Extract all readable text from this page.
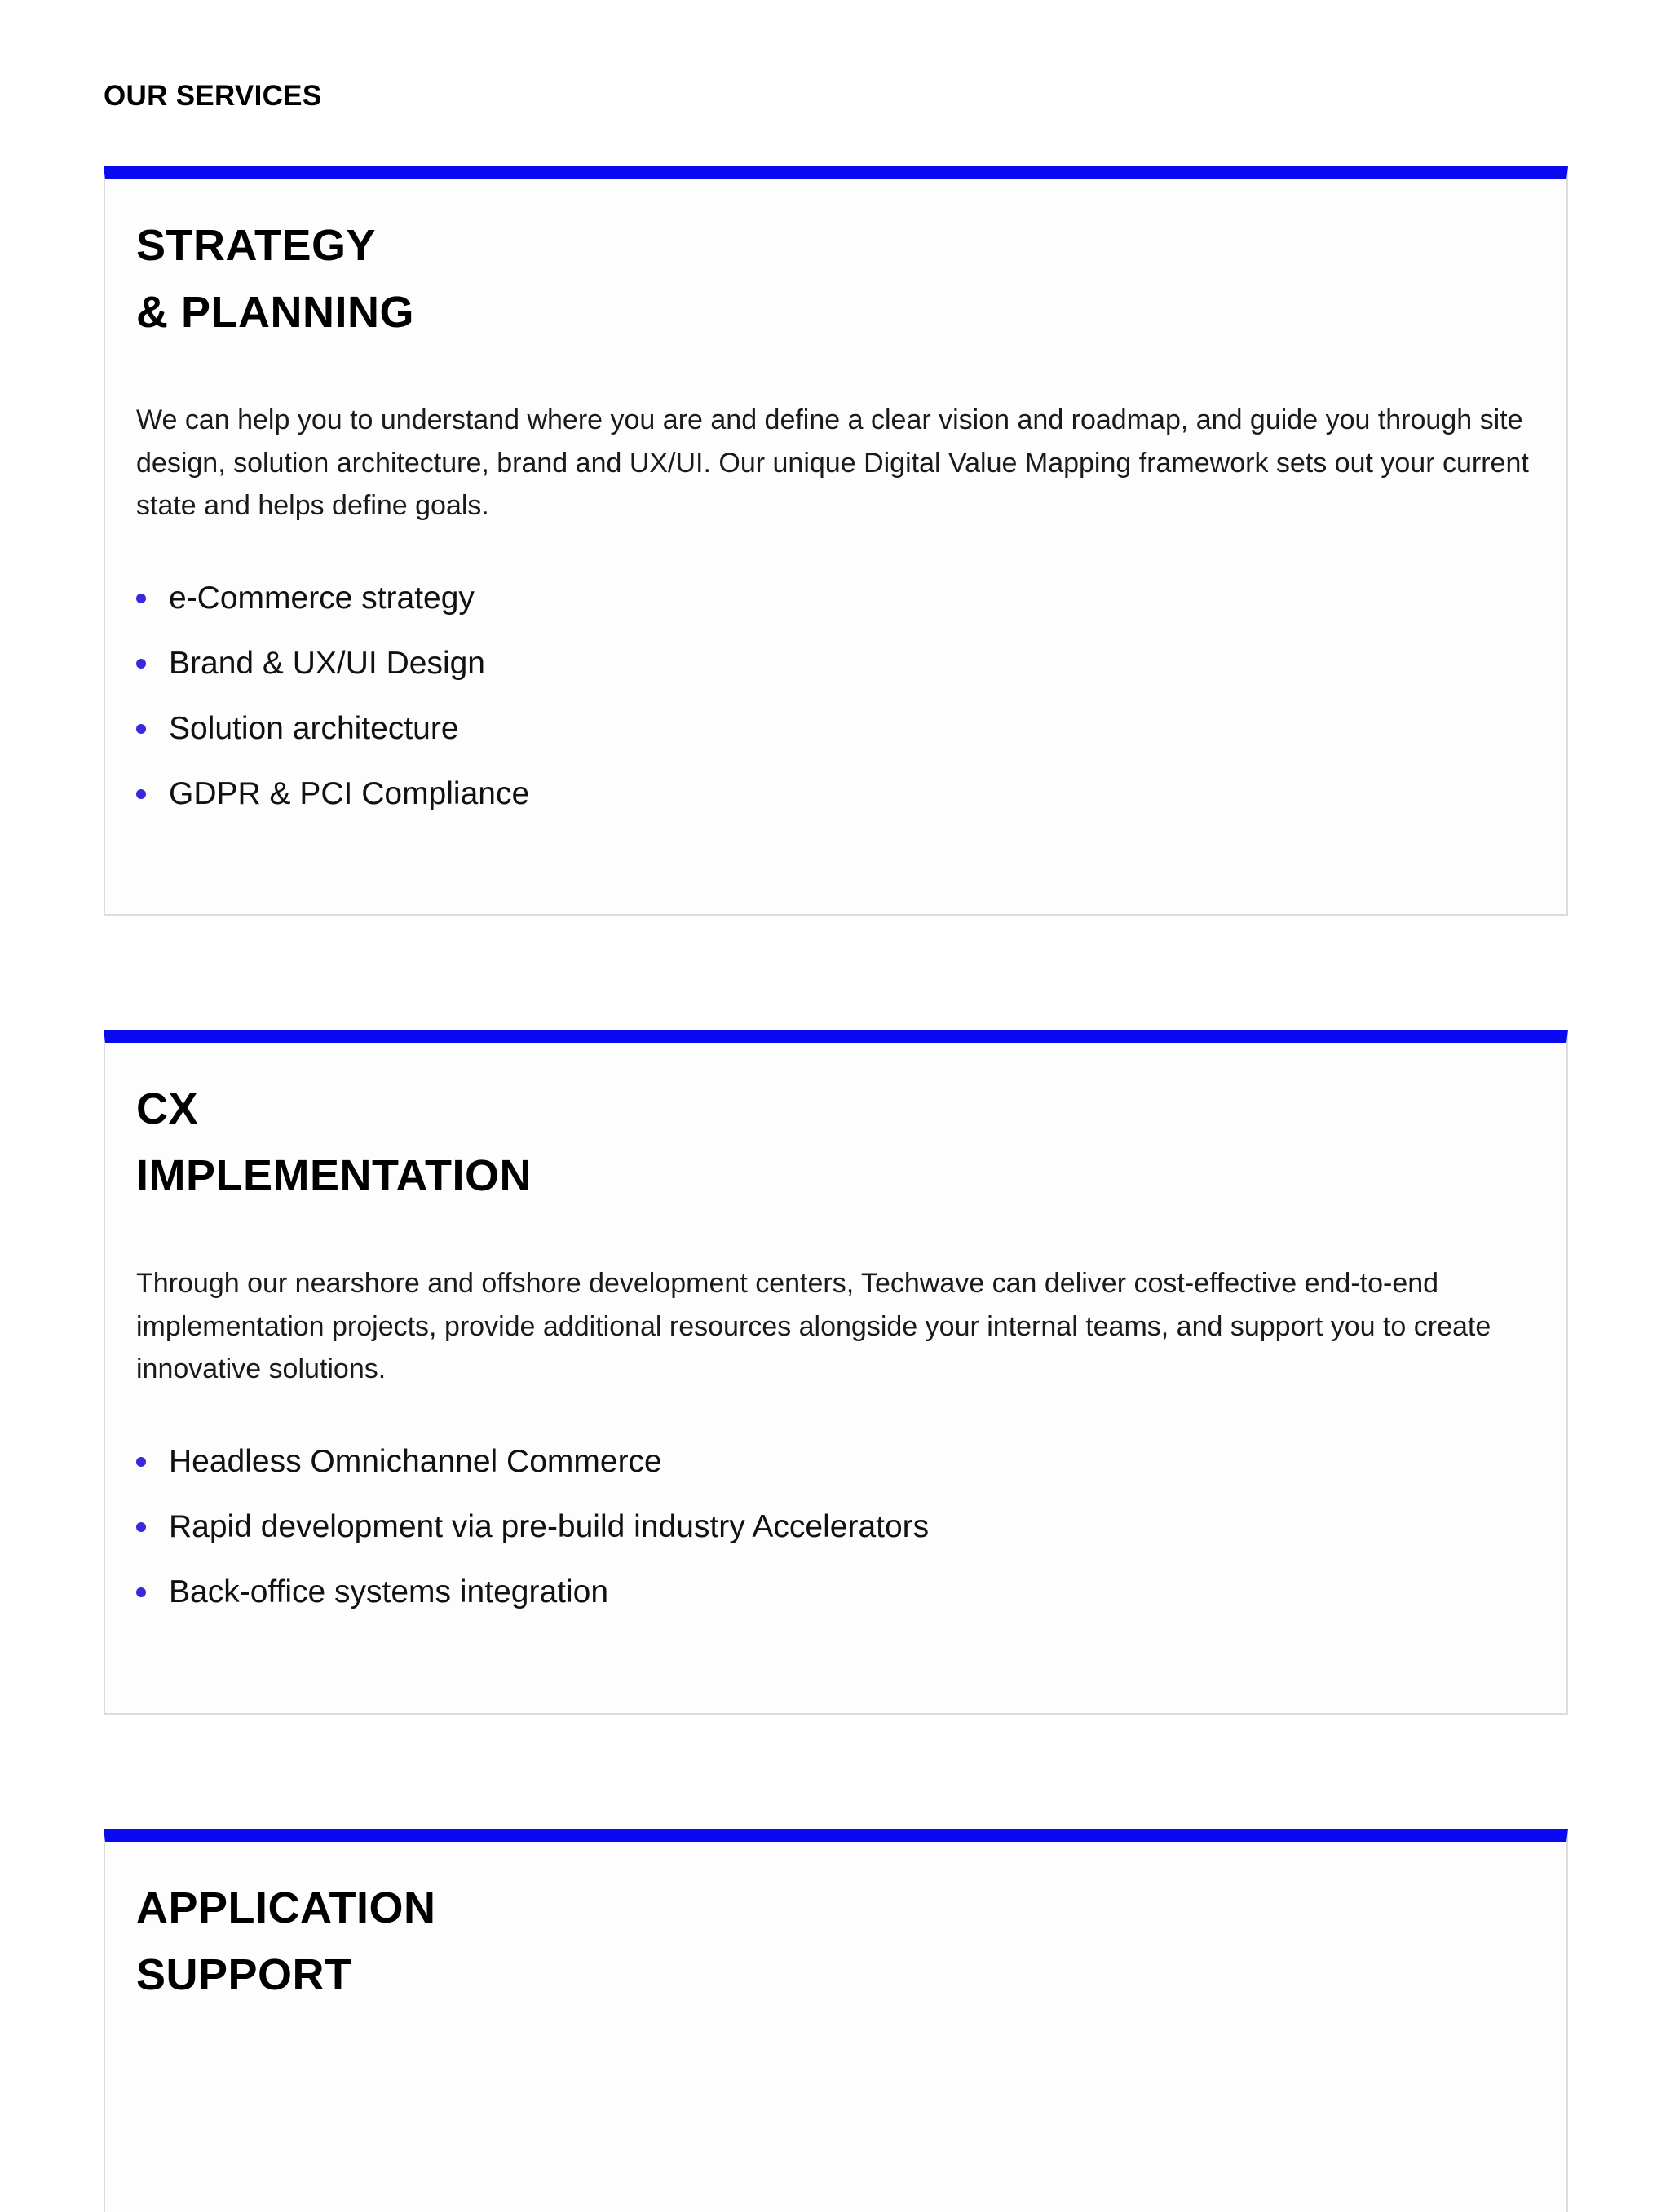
OUR SERVICES
STRATEGY
& PLANNING

We can help you to understand where you are and define a clear vision and roadmap, and guide you through site design, solution architecture, brand and UX/UI. Our unique Digital Value Mapping framework sets out your current state and helps define goals.

e-Commerce strategy
Brand & UX/UI Design
Solution architecture
GDPR & PCI Compliance
CX
IMPLEMENTATION

Through our nearshore and offshore development centers, Techwave can deliver cost-effective end-to-end implementation projects, provide additional resources alongside your internal teams, and support you to create innovative solutions.

Headless Omnichannel Commerce
Rapid development via pre-build industry Accelerators
Back-office systems integration
APPLICATION
SUPPORT
